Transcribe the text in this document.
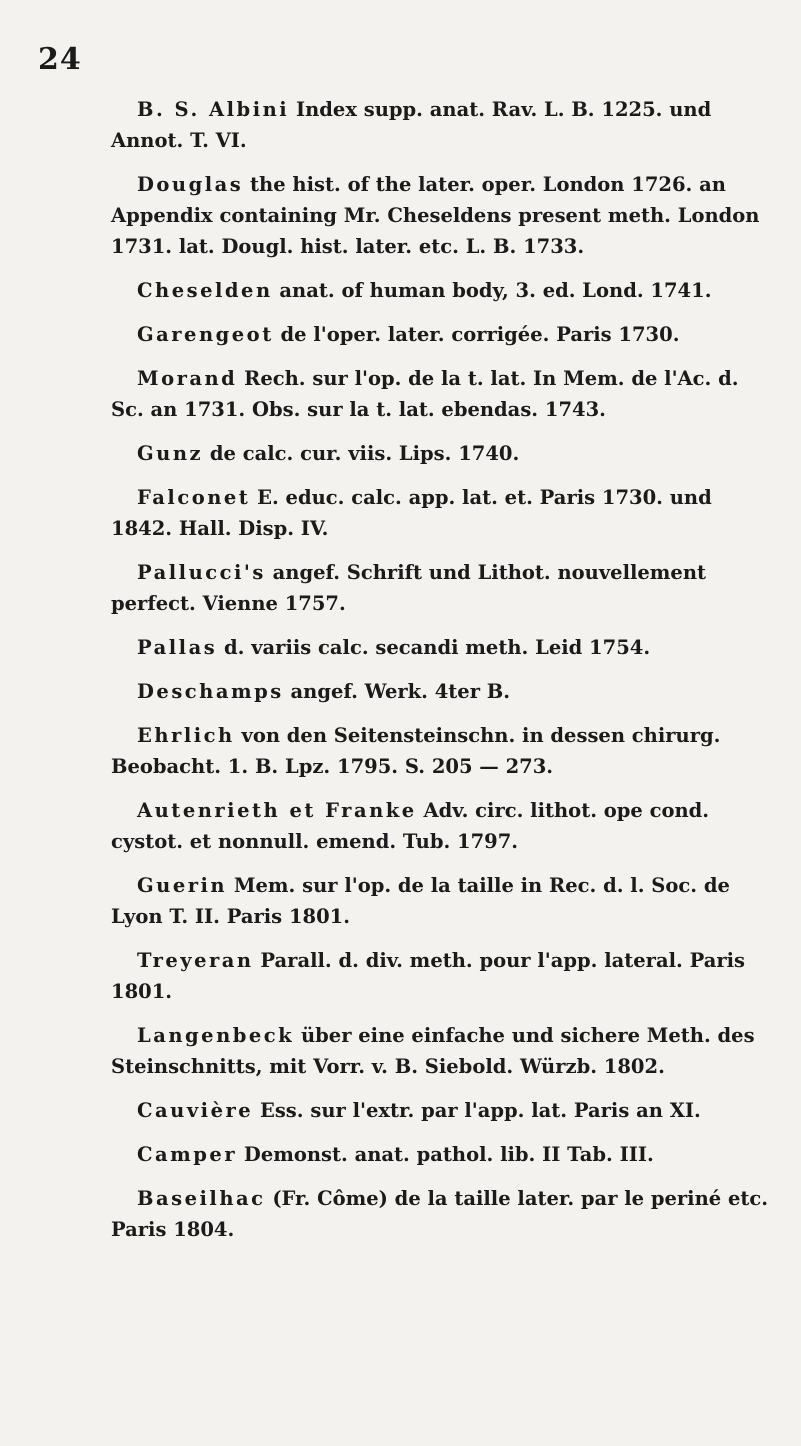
24

B. S. Albini Index supp. anat. Rav. L. B. 1225. und Annot. T. VI.

Douglas the hist. of the later. oper. London 1726. an Appendix containing Mr. Cheseldens present meth. London 1731. lat. Dougl. hist. later. etc. L. B. 1733.

Cheselden anat. of human body, 3. ed. Lond. 1741.

Garengeot de l'oper. later. corrigée. Paris 1730.

Morand Rech. sur l'op. de la t. lat. In Mem. de l'Ac. d. Sc. an 1731. Obs. sur la t. lat. ebendas. 1743.

Gunz de calc. cur. viis. Lips. 1740.

Falconet E. educ. calc. app. lat. et. Paris 1730. und 1842. Hall. Disp. IV.

Pallucci's angef. Schrift und Lithot. nouvellement perfect. Vienne 1757.

Pallas d. variis calc. secandi meth. Leid 1754.

Deschamps angef. Werk. 4ter B.

Ehrlich von den Seitensteinschn. in dessen chirurg. Beobacht. 1. B. Lpz. 1795. S. 205 — 273.

Autenrieth et Franke Adv. circ. lithot. ope cond. cystot. et nonnull. emend. Tub. 1797.

Guerin Mem. sur l'op. de la taille in Rec. d. l. Soc. de Lyon T. II. Paris 1801.

Treyeran Parall. d. div. meth. pour l'app. lateral. Paris 1801.

Langenbeck über eine einfache und sichere Meth. des Steinschnitts, mit Vorr. v. B. Siebold. Würzb. 1802.

Cauvière Ess. sur l'extr. par l'app. lat. Paris an XI.

Camper Demonst. anat. pathol. lib. II Tab. III.

Baseilhac (Fr. Côme) de la taille later. par le periné etc. Paris 1804.
